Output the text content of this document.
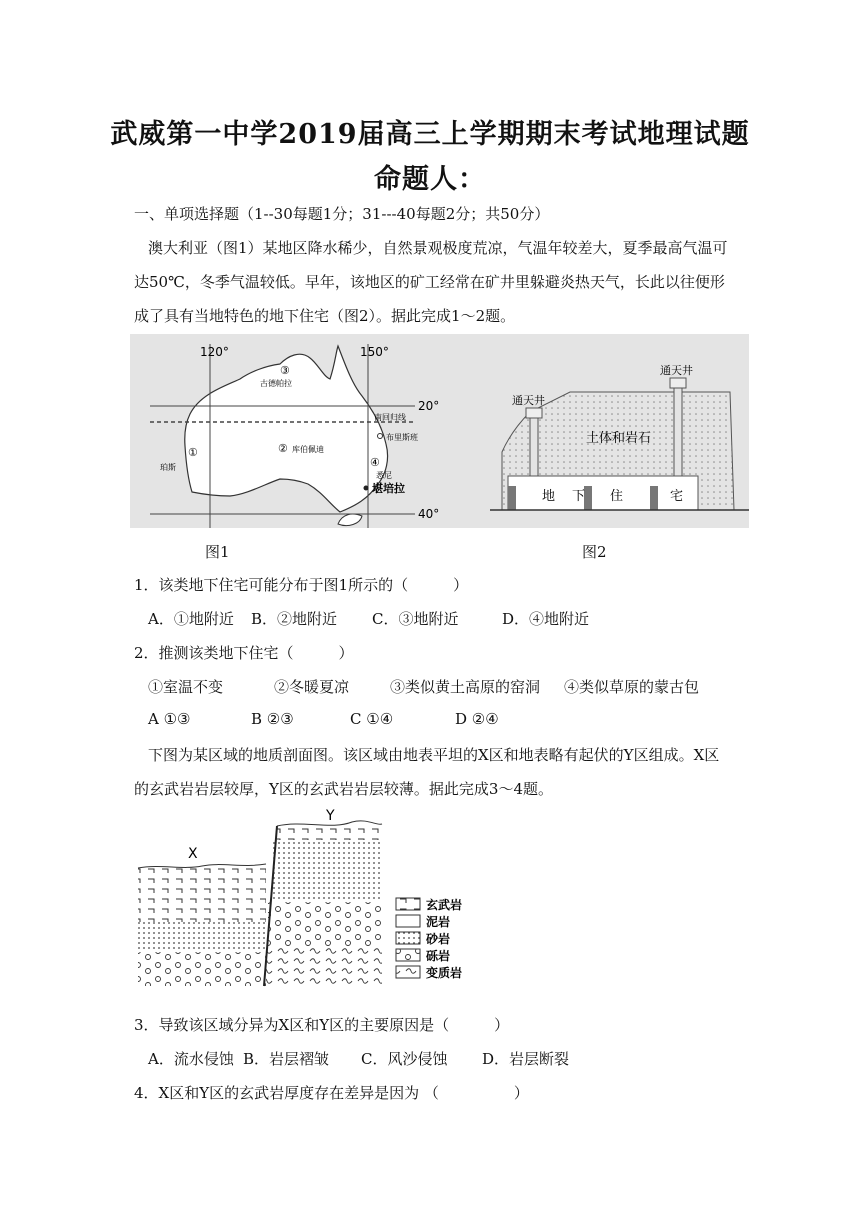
武威第一中学2019届高三上学期期末考试地理试题
命题人：
一、单项选择题（1--30每题1分；31---40每题2分；共50分）
澳大利亚（图1）某地区降水稀少，自然景观极度荒凉，气温年较差大，夏季最高气温可
达50℃，冬季气温较低。早年，该地区的矿工经常在矿井里躲避炎热天气，长此以往便形
成了具有当地特色的地下住宅（图2）。据此完成1～2题。
120°	150°
20°
40°
③
古德帕拉
南回归线
② 库伯佩迪
布里斯班
①
珀斯	④
悉尼
堪培拉
通天井
通天井
土体和岩石
地 下 住	宅
图1	图2
1．该类地下住宅可能分布于图1所示的（　　　）
A．①地附近 B．②地附近 C．③地附近	D．④地附近
2．推测该类地下住宅（　　　）
①室温不变	②冬暖夏凉	③类似黄土高原的窑洞 ④类似草原的蒙古包
A ①③	B ②③	C ①④	D ②④
下图为某区域的地质剖面图。该区域由地表平坦的X区和地表略有起伏的Y区组成。X区
的玄武岩岩层较厚，Y区的玄武岩岩层较薄。据此完成3～4题。
X
Y
玄武岩
泥岩
砂岩
砾岩
变质岩
3．导致该区域分异为X区和Y区的主要原因是（　　　）
A．流水侵蚀 B．岩层褶皱 C．风沙侵蚀 D．岩层断裂
4．X区和Y区的玄武岩厚度存在差异是因为 （　　　　　）
